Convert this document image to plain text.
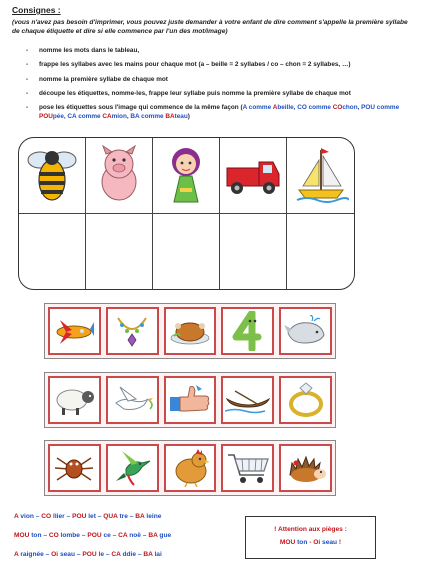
Consignes :
(vous n'avez pas besoin d'imprimer, vous pouvez juste demander à votre enfant de dire comment s'appelle la première syllabe de chaque étiquette et dire si elle commence par l'un des mot/image)
- nomme les mots dans le tableau,
- frappe les syllabes avec les mains pour chaque mot (a – beille = 2 syllabes / co – chon = 2 syllabes, …)
- nomme la première syllabe de chaque mot
- découpe les étiquettes, nomme-les, frappe leur syllabe puis nomme la première syllabe de chaque mot
- pose les étiquettes sous l'image qui commence de la même façon (A comme Abeille, CO comme COchon, POU comme POUpée, CA comme CAmion, BA comme BAteau)
A vion – CO llier – POU let – QUA tre – BA leine
MOU ton – CO lombe – POU ce – CA noë – BA gue
A raignée – Oi seau – POU le – CA ddie – BA lai
! Attention aux pièges :
MOU ton - Oi seau !
